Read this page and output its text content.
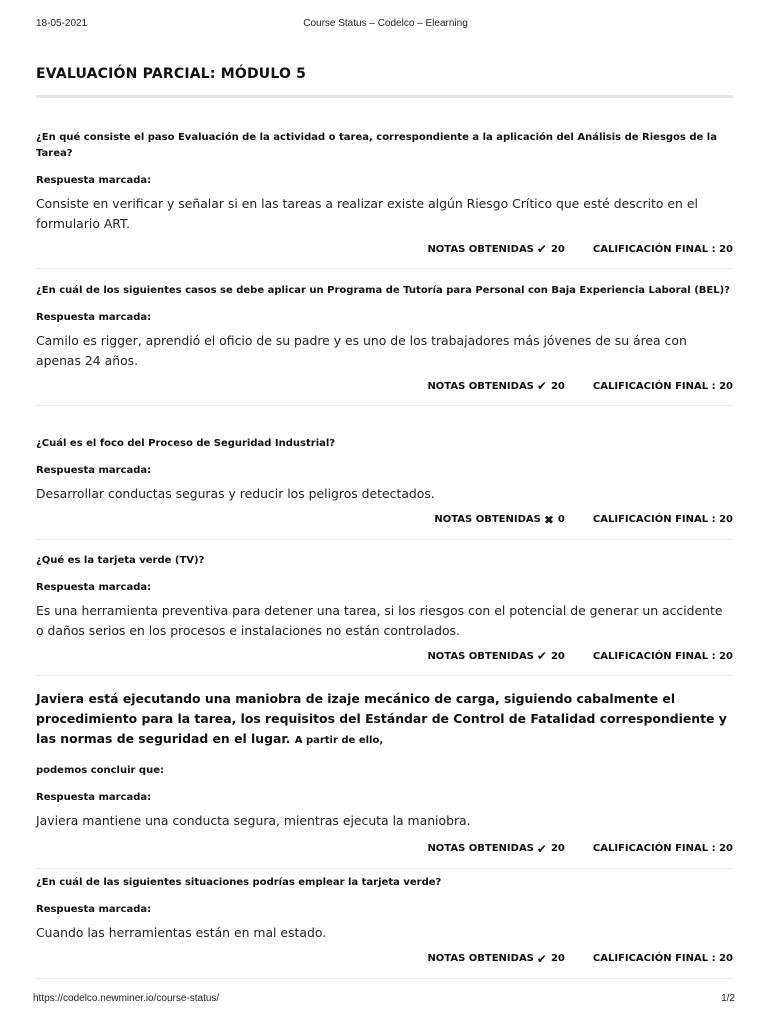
18-05-2021	Course Status – Codelco – Elearning
EVALUACIÓN PARCIAL: MÓDULO 5

¿En qué consiste el paso Evaluación de la actividad o tarea, correspondiente a la aplicación del Análisis de Riesgos de la Tarea?

Respuesta marcada:

Consiste en verificar y señalar si en las tareas a realizar existe algún Riesgo Crítico que esté descrito en el formulario ART.

NOTAS OBTENIDAS ✔ 20	CALIFICACIÓN FINAL : 20

¿En cuál de los siguientes casos se debe aplicar un Programa de Tutoría para Personal con Baja Experiencia Laboral (BEL)?

Respuesta marcada:

Camilo es rigger, aprendió el oficio de su padre y es uno de los trabajadores más jóvenes de su área con apenas 24 años.

NOTAS OBTENIDAS ✔ 20	CALIFICACIÓN FINAL : 20

¿Cuál es el foco del Proceso de Seguridad Industrial?

Respuesta marcada:

Desarrollar conductas seguras y reducir los peligros detectados.

NOTAS OBTENIDAS ✖ 0	CALIFICACIÓN FINAL : 20

¿Qué es la tarjeta verde (TV)?

Respuesta marcada:

Es una herramienta preventiva para detener una tarea, si los riesgos con el potencial de generar un accidente o daños serios en los procesos e instalaciones no están controlados.

NOTAS OBTENIDAS ✔ 20	CALIFICACIÓN FINAL : 20

Javiera está ejecutando una maniobra de izaje mecánico de carga, siguiendo cabalmente el procedimiento para la tarea, los requisitos del Estándar de Control de Fatalidad correspondiente y las normas de seguridad en el lugar. A partir de ello,

podemos concluir que:

Respuesta marcada:

Javiera mantiene una conducta segura, mientras ejecuta la maniobra.

NOTAS OBTENIDAS ✔ 20	CALIFICACIÓN FINAL : 20

¿En cuál de las siguientes situaciones podrías emplear la tarjeta verde?

Respuesta marcada:

Cuando las herramientas están en mal estado.

NOTAS OBTENIDAS ✔ 20	CALIFICACIÓN FINAL : 20
https://codelco.newminer.io/course-status/	1/2
